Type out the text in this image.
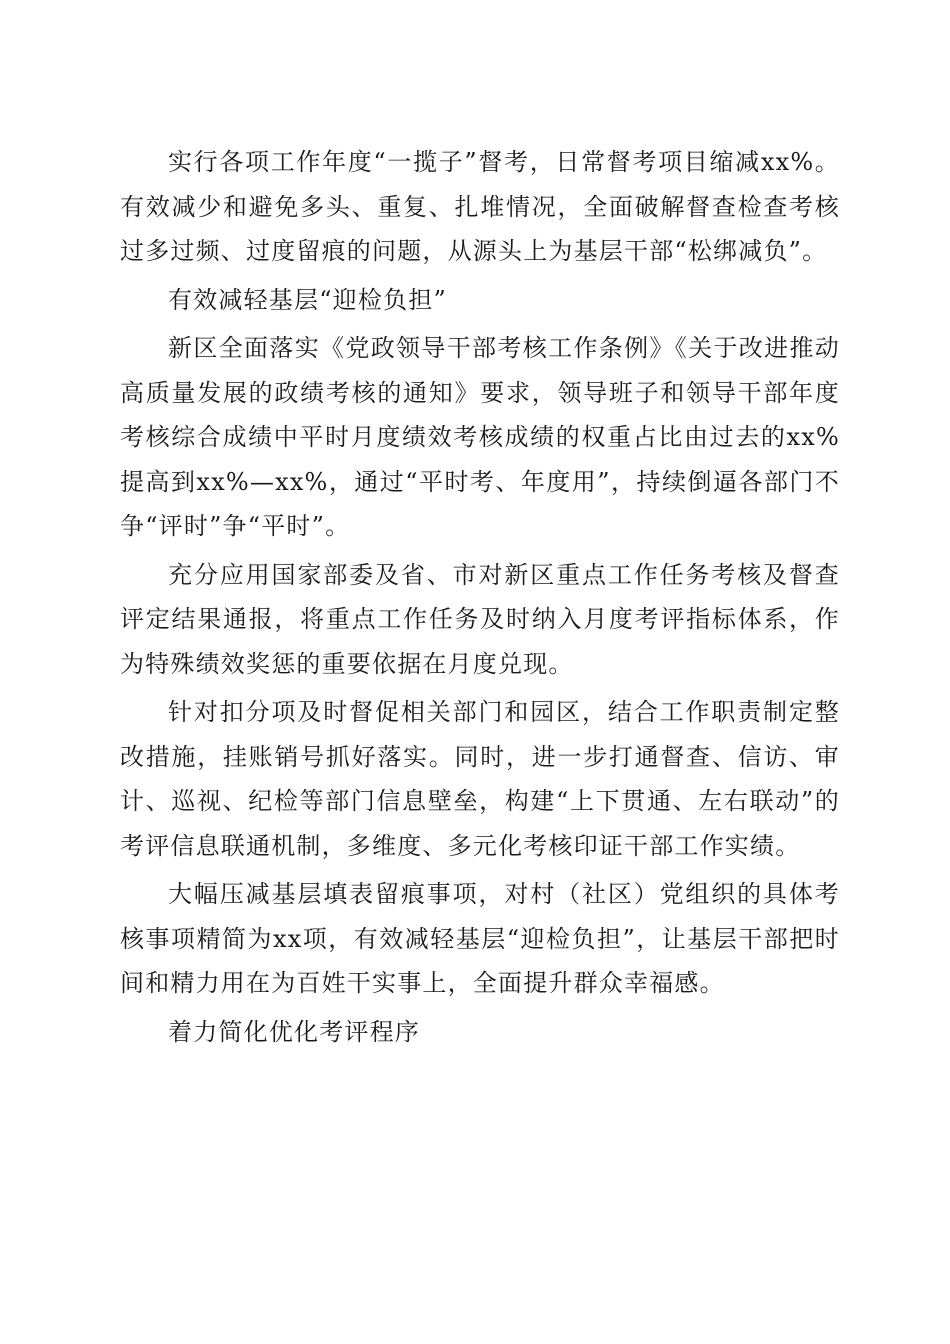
实行各项工作年度“一揽子”督考，日常督考项目缩减xx%。有效减少和避免多头、重复、扎堆情况，全面破解督查检查考核过多过频、过度留痕的问题，从源头上为基层干部“松绑减负”。

有效减轻基层“迎检负担”

新区全面落实《党政领导干部考核工作条例》《关于改进推动高质量发展的政绩考核的通知》要求，领导班子和领导干部年度考核综合成绩中平时月度绩效考核成绩的权重占比由过去的xx%提高到xx%—xx%，通过“平时考、年度用”，持续倒逼各部门不争“评时”争“平时”。

充分应用国家部委及省、市对新区重点工作任务考核及督查评定结果通报，将重点工作任务及时纳入月度考评指标体系，作为特殊绩效奖惩的重要依据在月度兑现。

针对扣分项及时督促相关部门和园区，结合工作职责制定整改措施，挂账销号抓好落实。同时，进一步打通督查、信访、审计、巡视、纪检等部门信息壁垒，构建“上下贯通、左右联动”的考评信息联通机制，多维度、多元化考核印证干部工作实绩。

大幅压减基层填表留痕事项，对村（社区）党组织的具体考核事项精简为xx项，有效减轻基层“迎检负担”，让基层干部把时间和精力用在为百姓干实事上，全面提升群众幸福感。

着力简化优化考评程序
